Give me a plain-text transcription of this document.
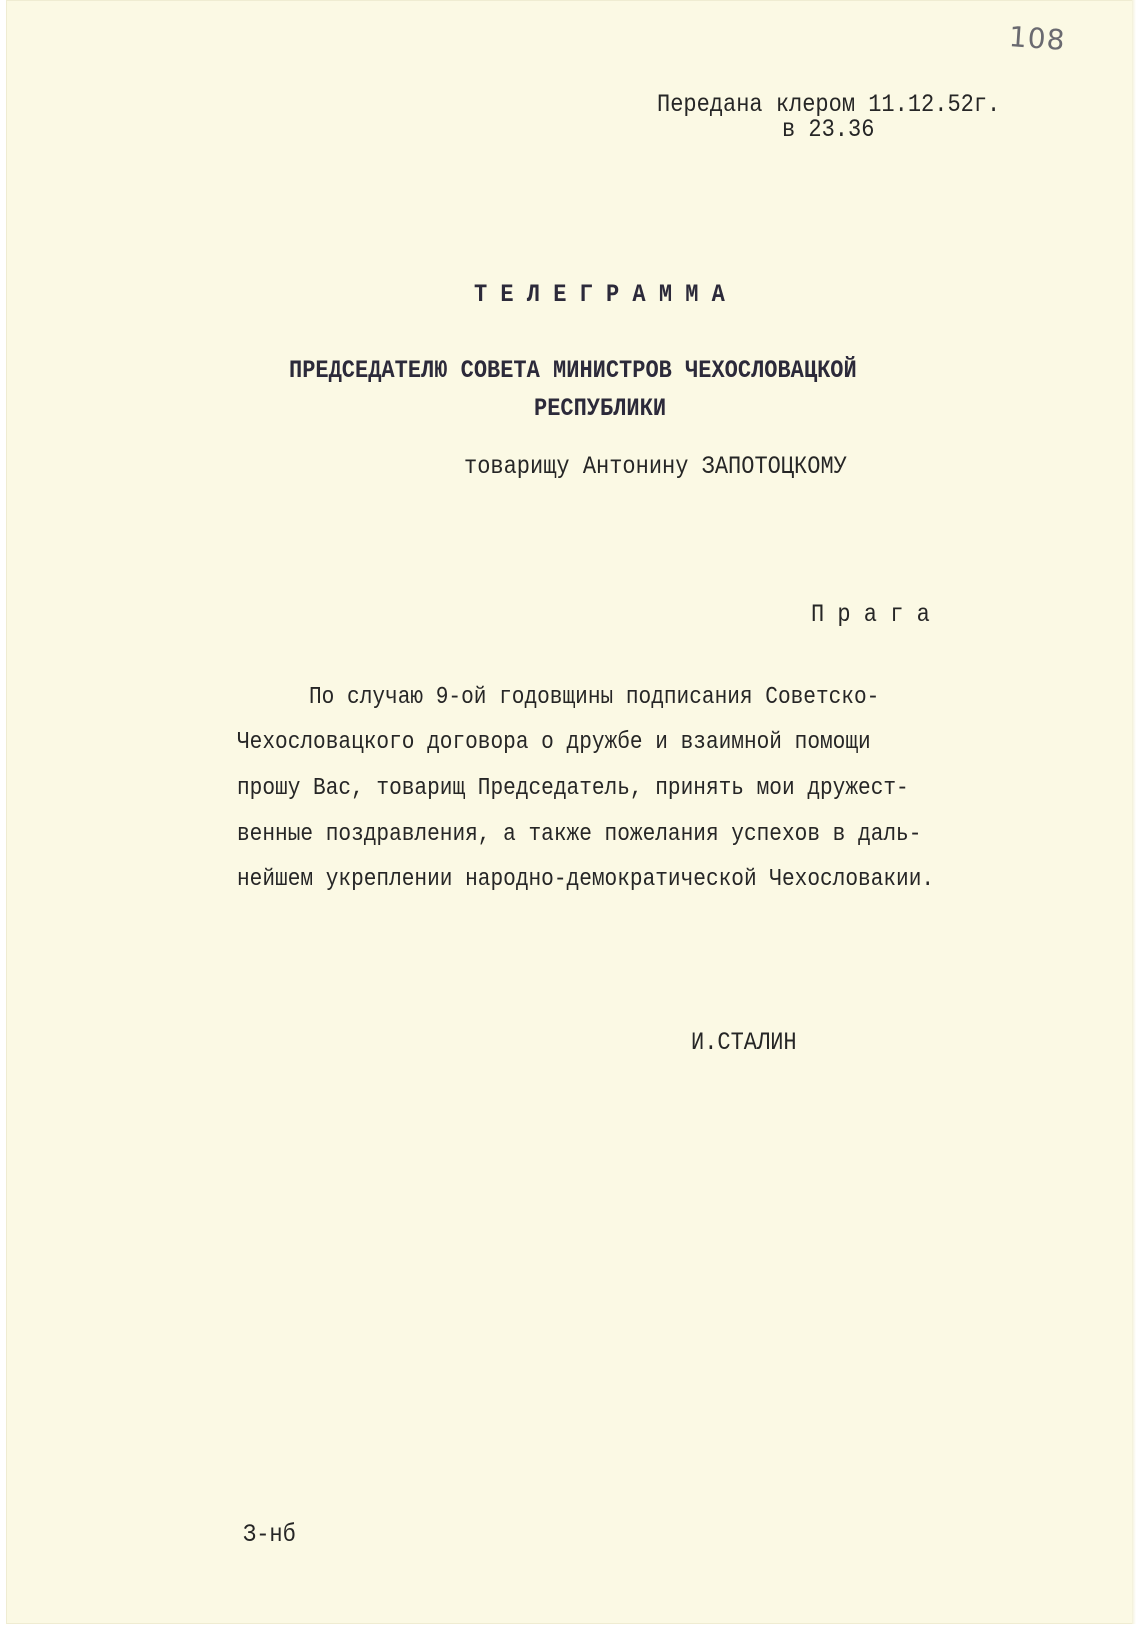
108

Передана клером 11.12.52г.

в 23.36

Т Е Л Е Г Р А М М А

ПРЕДСЕДАТЕЛЮ СОВЕТА МИНИСТРОВ ЧЕХОСЛОВАЦКОЙ

РЕСПУБЛИКИ

товарищу Антонину ЗАПОТОЦКОМУ

П р а г а

По случаю 9-ой годовщины подписания Советско-

Чехословацкого договора о дружбе и взаимной помощи

прошу Вас, товарищ Председатель, принять мои дружест-

венные поздравления, а также пожелания успехов в даль-

нейшем укреплении народно-демократической Чехословакии.

И.СТАЛИН

З-нб
